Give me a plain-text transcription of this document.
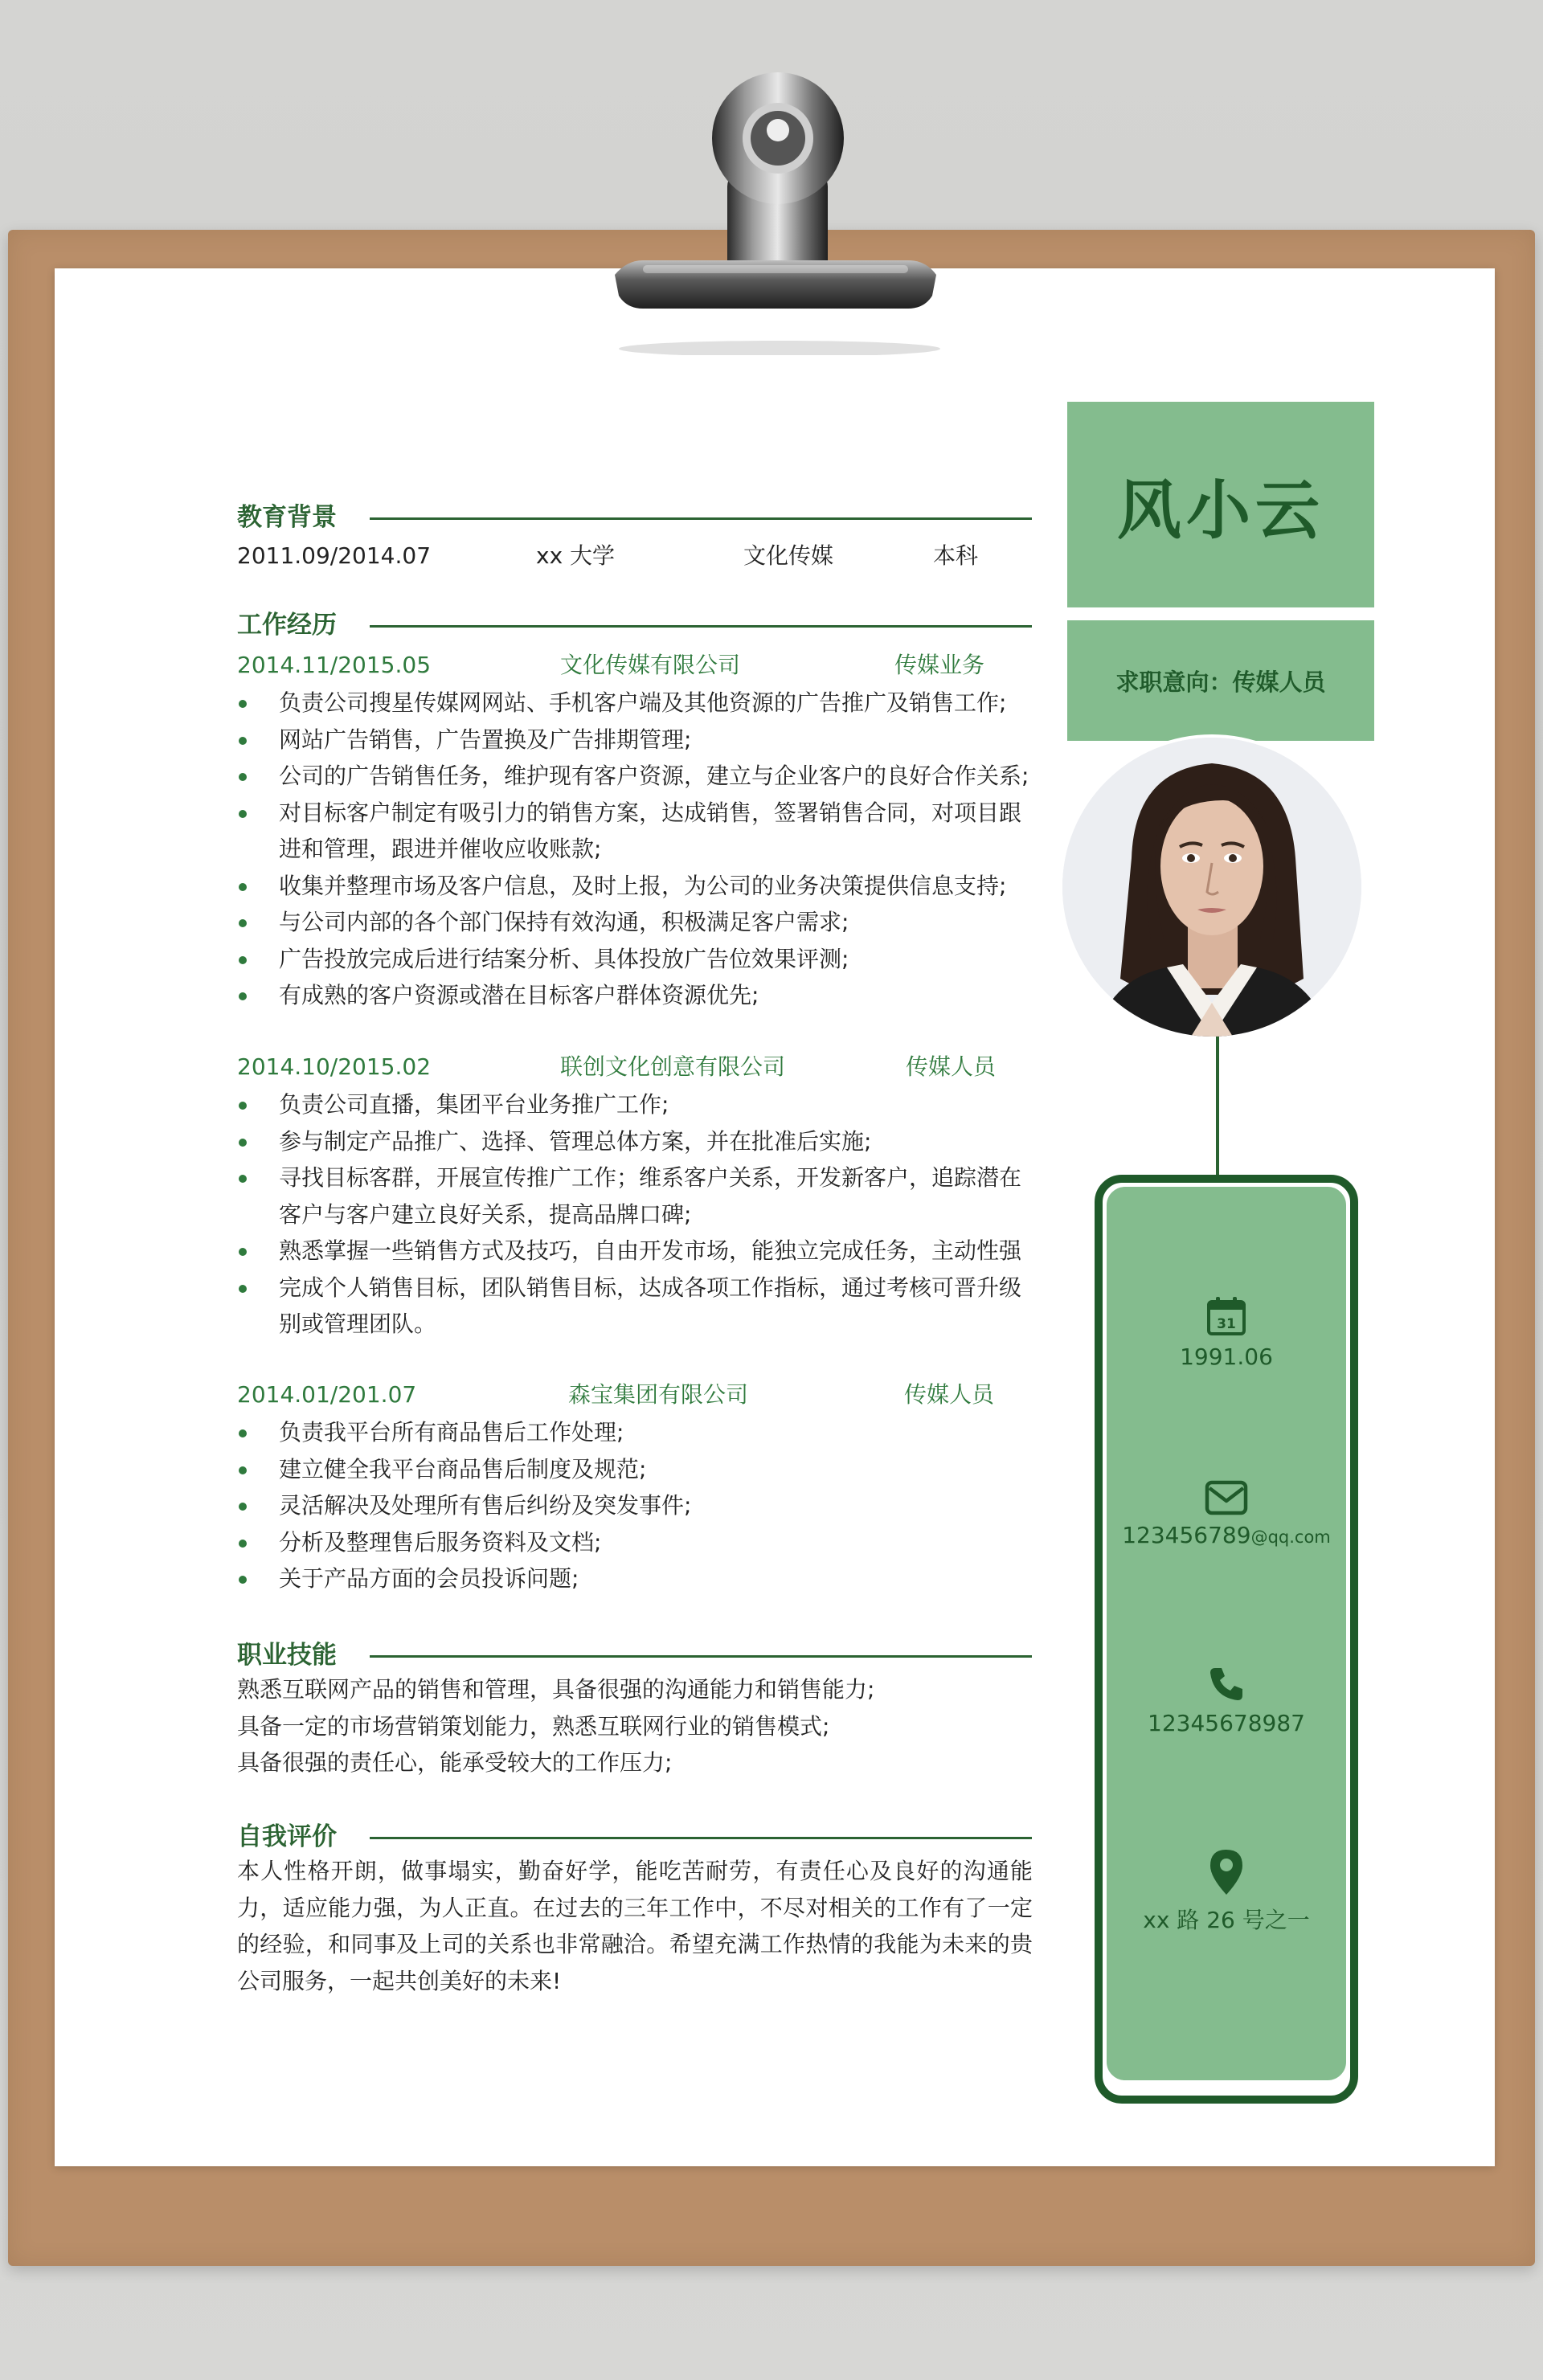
教育背景
2011.09/2014.07	xx 大学	文化传媒	本科
工作经历
2014.11/2015.05	文化传媒有限公司	传媒业务
负责公司搜星传媒网网站、手机客户端及其他资源的广告推广及销售工作;
网站广告销售，广告置换及广告排期管理;
公司的广告销售任务，维护现有客户资源，建立与企业客户的良好合作关系;
对目标客户制定有吸引力的销售方案，达成销售，签署销售合同，对项目跟进和管理，跟进并催收应收账款;
收集并整理市场及客户信息，及时上报，为公司的业务决策提供信息支持;
与公司内部的各个部门保持有效沟通，积极满足客户需求;
广告投放完成后进行结案分析、具体投放广告位效果评测;
有成熟的客户资源或潜在目标客户群体资源优先;
2014.10/2015.02	联创文化创意有限公司	传媒人员
负责公司直播，集团平台业务推广工作;
参与制定产品推广、选择、管理总体方案，并在批准后实施;
寻找目标客群，开展宣传推广工作；维系客户关系，开发新客户，追踪潜在客户与客户建立良好关系，提高品牌口碑;
熟悉掌握一些销售方式及技巧，自由开发市场，能独立完成任务，主动性强
完成个人销售目标，团队销售目标，达成各项工作指标，通过考核可晋升级别或管理团队。
2014.01/201.07	森宝集团有限公司	传媒人员
负责我平台所有商品售后工作处理;
建立健全我平台商品售后制度及规范;
灵活解决及处理所有售后纠纷及突发事件;
分析及整理售后服务资料及文档;
关于产品方面的会员投诉问题;
职业技能
熟悉互联网产品的销售和管理，具备很强的沟通能力和销售能力;
具备一定的市场营销策划能力，熟悉互联网行业的销售模式;
具备很强的责任心，能承受较大的工作压力;
自我评价

本人性格开朗，做事塌实，勤奋好学，能吃苦耐劳，有责任心及良好的沟通能力，适应能力强，为人正直。在过去的三年工作中，不尽对相关的工作有了一定的经验，和同事及上司的关系也非常融洽。希望充满工作热情的我能为未来的贵公司服务，一起共创美好的未来!

风小云
求职意向：传媒人员
31
1991.06
123456789@qq.com
12345678987
xx 路 26 号之一
